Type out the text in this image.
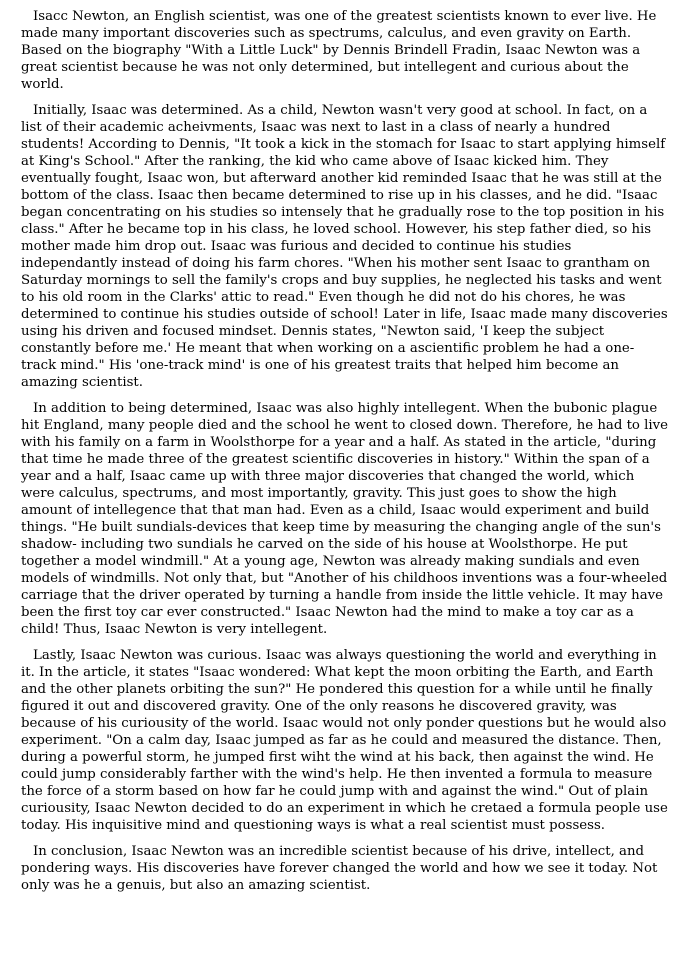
Isacc Newton, an English scientist, was one of the greatest scientists known to ever live. He made many important discoveries such as spectrums, calculus, and even gravity on Earth. Based on the biography "With a Little Luck" by Dennis Brindell Fradin, Isaac Newton was a great scientist because he was not only determined, but intellegent and curious about the world.

Initially, Isaac was determined. As a child, Newton wasn't very good at school. In fact, on a list of their academic acheivments, Isaac was next to last in a class of nearly a hundred students! According to Dennis, "It took a kick in the stomach for Isaac to start applying himself at King's School." After the ranking, the kid who came above of Isaac kicked him. They eventually fought, Isaac won, but afterward another kid reminded Isaac that he was still at the bottom of the class. Isaac then became determined to rise up in his classes, and he did. "Isaac began concentrating on his studies so intensely that he gradually rose to the top position in his class." After he became top in his class, he loved school. However, his step father died, so his mother made him drop out. Isaac was furious and decided to continue his studies independantly instead of doing his farm chores. "When his mother sent Isaac to grantham on Saturday mornings to sell the family's crops and buy supplies, he neglected his tasks and went to his old room in the Clarks' attic to read." Even though he did not do his chores, he was determined to continue his studies outside of school! Later in life, Isaac made many discoveries using his driven and focused mindset. Dennis states, "Newton said, 'I keep the subject constantly before me.' He meant that when working on a ascientific problem he had a one-track mind." His 'one-track mind' is one of his greatest traits that helped him become an amazing scientist.

In addition to being determined, Isaac was also highly intellegent. When the bubonic plague hit England, many people died and the school he went to closed down. Therefore, he had to live with his family on a farm in Woolsthorpe for a year and a half. As stated in the article, "during that time he made three of the greatest scientific discoveries in history." Within the span of a year and a half, Isaac came up with three major discoveries that changed the world, which were calculus, spectrums, and most importantly, gravity. This just goes to show the high amount of intellegence that that man had. Even as a child, Isaac would experiment and build things. "He built sundials-devices that keep time by measuring the changing angle of the sun's shadow- including two sundials he carved on the side of his house at Woolsthorpe. He put together a model windmill." At a young age, Newton was already making sundials and even models of windmills. Not only that, but "Another of his childhoos inventions was a four-wheeled carriage that the driver operated by turning a handle from inside the little vehicle. It may have been the first toy car ever constructed." Isaac Newton had the mind to make a toy car as a child! Thus, Isaac Newton is very intellegent.

Lastly, Isaac Newton was curious. Isaac was always questioning the world and everything in it. In the article, it states "Isaac wondered: What kept the moon orbiting the Earth, and Earth and the other planets orbiting the sun?" He pondered this question for a while until he finally figured it out and discovered gravity. One of the only reasons he discovered gravity, was because of his curiousity of the world. Isaac would not only ponder questions but he would also experiment. "On a calm day, Isaac jumped as far as he could and measured the distance. Then, during a powerful storm, he jumped first wiht the wind at his back, then against the wind. He could jump considerably farther with the wind's help. He then invented a formula to measure the force of a storm based on how far he could jump with and against the wind." Out of plain curiousity, Isaac Newton decided to do an experiment in which he cretaed a formula people use today. His inquisitive mind and questioning ways is what a real scientist must possess.

In conclusion, Isaac Newton was an incredible scientist because of his drive, intellect, and pondering ways. His discoveries have forever changed the world and how we see it today. Not only was he a genuis, but also an amazing scientist.
